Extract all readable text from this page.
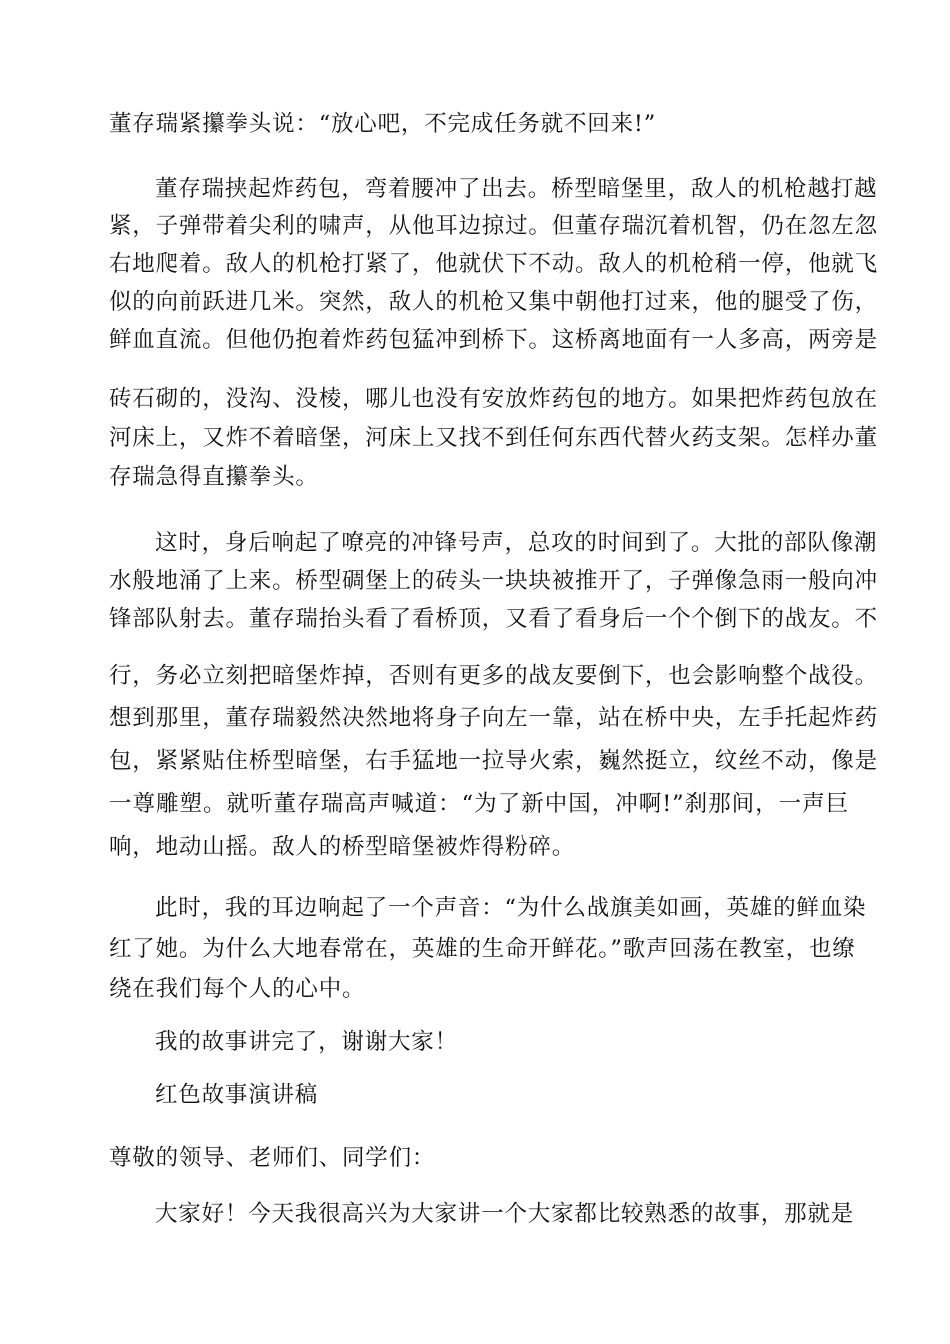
董存瑞紧攥拳头说：“放心吧，不完成任务就不回来!”
董存瑞挟起炸药包，弯着腰冲了出去。桥型暗堡里，敌人的机枪越打越
紧，子弹带着尖利的啸声，从他耳边掠过。但董存瑞沉着机智，仍在忽左忽
右地爬着。敌人的机枪打紧了，他就伏下不动。敌人的机枪稍一停，他就飞
似的向前跃进几米。突然，敌人的机枪又集中朝他打过来，他的腿受了伤，
鲜血直流。但他仍抱着炸药包猛冲到桥下。这桥离地面有一人多高，两旁是
砖石砌的，没沟、没棱，哪儿也没有安放炸药包的地方。如果把炸药包放在
河床上，又炸不着暗堡，河床上又找不到任何东西代替火药支架。怎样办董
存瑞急得直攥拳头。
这时，身后响起了嘹亮的冲锋号声，总攻的时间到了。大批的部队像潮
水般地涌了上来。桥型碉堡上的砖头一块块被推开了，子弹像急雨一般向冲
锋部队射去。董存瑞抬头看了看桥顶，又看了看身后一个个倒下的战友。不
行，务必立刻把暗堡炸掉，否则有更多的战友要倒下，也会影响整个战役。
想到那里，董存瑞毅然决然地将身子向左一靠，站在桥中央，左手托起炸药
包，紧紧贴住桥型暗堡，右手猛地一拉导火索，巍然挺立，纹丝不动，像是
一尊雕塑。就听董存瑞高声喊道：“为了新中国，冲啊!”刹那间，一声巨
响，地动山摇。敌人的桥型暗堡被炸得粉碎。
此时，我的耳边响起了一个声音：“为什么战旗美如画，英雄的鲜血染
红了她。为什么大地春常在，英雄的生命开鲜花。”歌声回荡在教室，也缭
绕在我们每个人的心中。
我的故事讲完了，谢谢大家！
红色故事演讲稿
尊敬的领导、老师们、同学们：
大家好！今天我很高兴为大家讲一个大家都比较熟悉的故事，那就是
